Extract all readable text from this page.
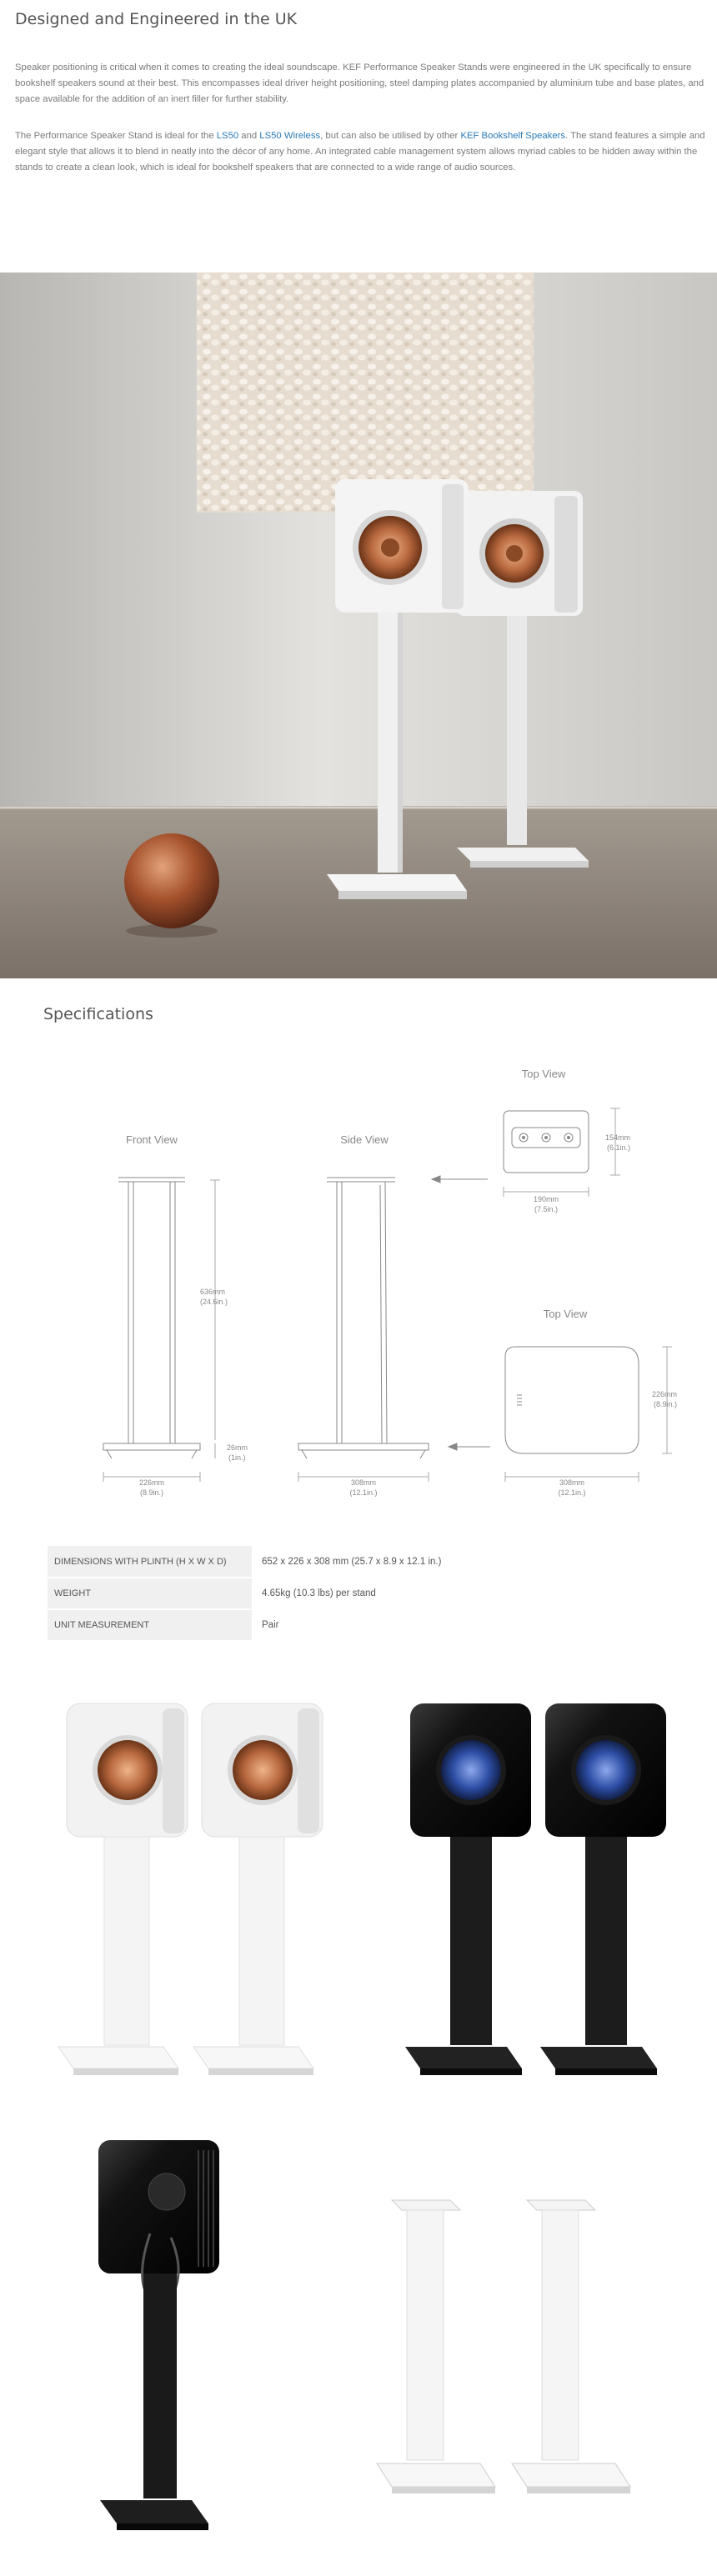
Designed and Engineered in the UK

Speaker positioning is critical when it comes to creating the ideal soundscape. KEF Performance Speaker Stands were engineered in the UK specifically to ensure bookshelf speakers sound at their best. This encompasses ideal driver height positioning, steel damping plates accompanied by aluminium tube and base plates, and space available for the addition of an inert filler for further stability.

The Performance Speaker Stand is ideal for the LS50 and LS50 Wireless, but can also be utilised by other KEF Bookshelf Speakers. The stand features a simple and elegant style that allows it to blend in neatly into the décor of any home. An integrated cable management system allows myriad cables to be hidden away within the stands to create a clean look, which is ideal for bookshelf speakers that are connected to a wide range of audio sources.

Specifications
Front View	Side View
Top View
Top View
636mm
(24.6in.)
26mm
(1in.)
226mm
(8.9in.)
308mm
(12.1in.)
154mm
(6.1in.)
190mm
(7.5in.)
226mm
(8.9in.)
308mm
(12.1in.)
DIMENSIONS WITH PLINTH (H X W X D)	652 x 226 x 308 mm (25.7 x 8.9 x 12.1 in.)
WEIGHT	4.65kg (10.3 lbs) per stand
UNIT MEASUREMENT	Pair
